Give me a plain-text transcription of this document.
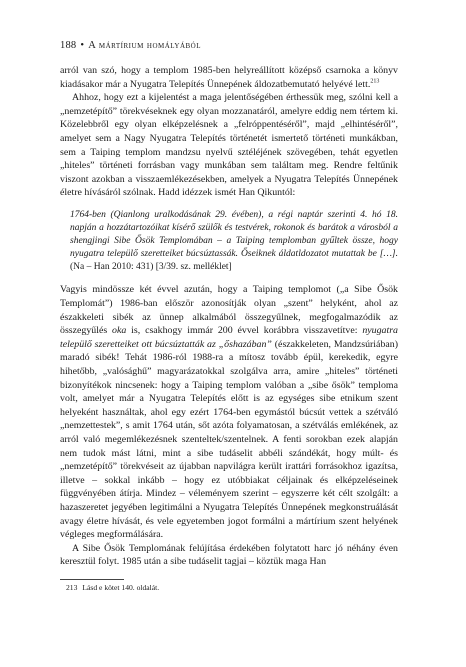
188 • A mártírium homályából

arról van szó, hogy a templom 1985-ben helyreállított középső csarnoka a könyv kiadásakor már a Nyugatra Telepítés Ünnepének áldozatbemutató helyévé lett.$^{213}$

Ahhoz, hogy ezt a kijelentést a maga jelentőségében érthessük meg, szólni kell a „nemzetépítő” törekvéseknek egy olyan mozzanatáról, amelyre eddig nem tértem ki. Közelebbről egy olyan elképzelésnek a „felróppentéséről”, majd „elhintéséről”, amelyet sem a Nagy Nyugatra Telepítés történetét ismertető történeti munkákban, sem a Taiping templom mandzsu nyelvű sztéléjének szövegében, tehát egyetlen „hiteles” történeti forrásban vagy munkában sem találtam meg. Rendre feltűnik viszont azokban a visszaemlékezésekben, amelyek a Nyugatra Telepítés Ünnepének életre hívásáról szólnak. Hadd idézzek ismét Han Qikuntól:

1764-ben (Qianlong uralkodásának 29. évében), a régi naptár szerinti 4. hó 18. napján a hozzátartozóikat kísérő szülők és testvérek, rokonok és barátok a városból a shengjingi Sibe Ősök Templomában – a Taiping templomban gyűltek össze, hogy nyugatra települő szeretteiket búcsúztassák. Őseiknek áldatldozatot mutattak be […]. (Na – Han 2010: 431) [3/39. sz. melléklet]

Vagyis mindössze két évvel azután, hogy a Taiping templomot („a Sibe Ősök Templomát”) 1986-ban először azonosítják olyan „szent” helyként, ahol az északkeleti sibék az ünnep alkalmából összegyűlnek, megfogalmazódik az összegyűlés oka is, csakhogy immár 200 évvel korábbra visszavetítve: nyugatra települő szeretteiket ott búcsúztatták az „őshazában” (északkeleten, Mandzsúriában) maradó sibék! Tehát 1986-ról 1988-ra a mítosz tovább épül, kerekedik, egyre hihetőbb, „valósághű” magyarázatokkal szolgálva arra, amire „hiteles” történeti bizonyítékok nincsenek: hogy a Taiping templom valóban a „sibe ősök” temploma volt, amelyet már a Nyugatra Telepítés előtt is az egységes sibe etnikum szent helyeként használtak, ahol egy ezért 1764-ben egymástól búcsút vettek a szétváló „nemzettestek”, s amit 1764 után, sőt azóta folyamatosan, a szétválás emlékének, az arról való megemlékezésnek szenteltek/szentelnek. A fenti sorokban ezek alapján nem tudok mást látni, mint a sibe tudáselit abbéli szándékát, hogy múlt- és „nemzetépítő” törekvéseit az újabban napvilágra került irattári forrásokhoz igazítsa, illetve – sokkal inkább – hogy ez utóbbiakat céljainak és elképzeléseinek függvényében átírja. Mindez – véleményem szerint – egyszerre két célt szolgált: a hazaszeretet jegyében legitimálni a Nyugatra Telepítés Ünnepének megkonstruálását avagy életre hívását, és vele egyetemben jogot formálni a mártírium szent helyének végleges megformálására.

A Sibe Ősök Templomának felújítása érdekében folytatott harc jó néhány éven keresztül folyt. 1985 után a sibe tudáselit tagjai – köztük maga Han

213 Lásd e kötet 140. oldalát.
